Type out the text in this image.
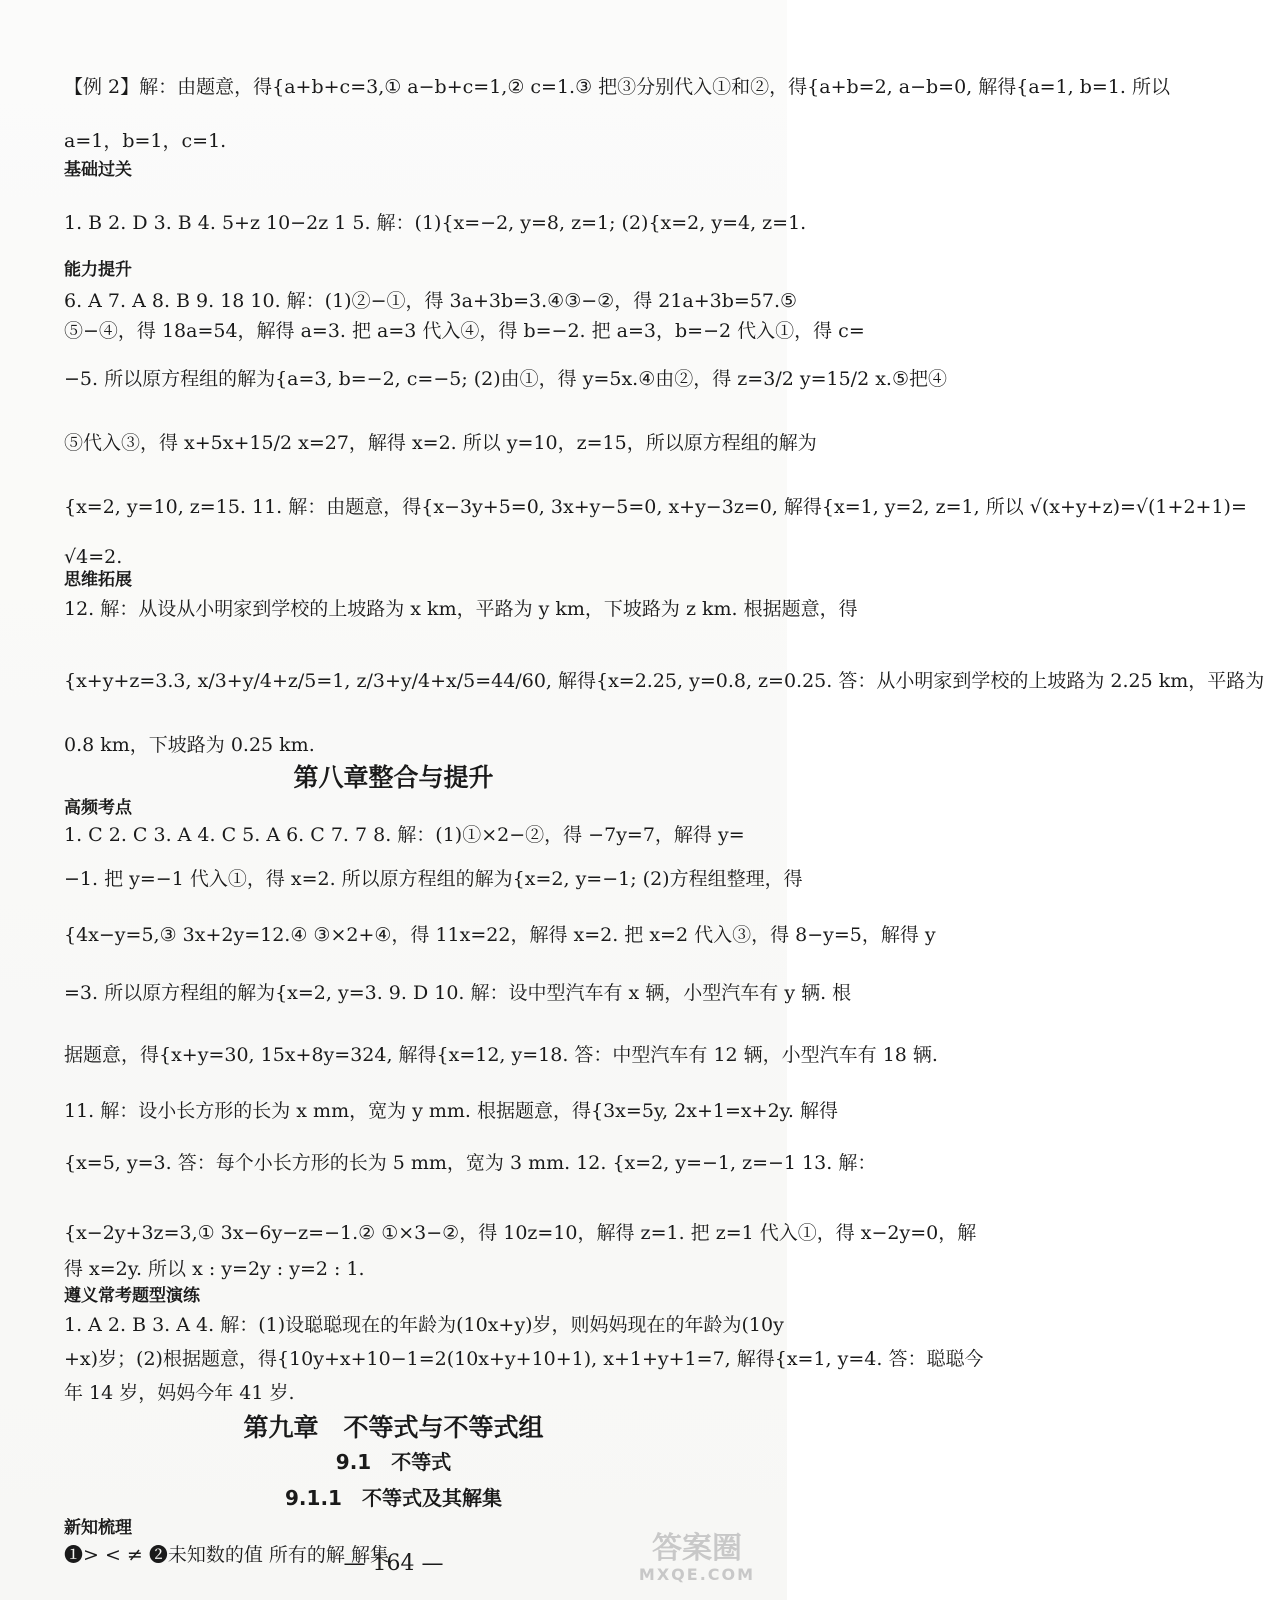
【例 2】解：由题意，得{a+b+c=3,① a−b+c=1,② c=1.③ 把③分别代入①和②，得{a+b=2, a−b=0, 解得{a=1, b=1. 所以
a=1，b=1，c=1.
基础过关
1. B 2. D 3. B 4. 5+z 10−2z 1 5. 解：(1){x=−2, y=8, z=1; (2){x=2, y=4, z=1.
能力提升
6. A 7. A 8. B 9. 18 10. 解：(1)②−①，得 3a+3b=3.④③−②，得 21a+3b=57.⑤
⑤−④，得 18a=54，解得 a=3. 把 a=3 代入④，得 b=−2. 把 a=3，b=−2 代入①，得 c=
−5. 所以原方程组的解为{a=3, b=−2, c=−5; (2)由①，得 y=5x.④由②，得 z=3/2 y=15/2 x.⑤把④
⑤代入③，得 x+5x+15/2 x=27，解得 x=2. 所以 y=10，z=15，所以原方程组的解为
{x=2, y=10, z=15. 11. 解：由题意，得{x−3y+5=0, 3x+y−5=0, x+y−3z=0, 解得{x=1, y=2, z=1, 所以 √(x+y+z)=√(1+2+1)=
√4=2.
思维拓展
12. 解：从设从小明家到学校的上坡路为 x km，平路为 y km，下坡路为 z km. 根据题意，得
{x+y+z=3.3, x/3+y/4+z/5=1, z/3+y/4+x/5=44/60, 解得{x=2.25, y=0.8, z=0.25. 答：从小明家到学校的上坡路为 2.25 km，平路为
0.8 km，下坡路为 0.25 km.
第八章整合与提升
高频考点
1. C 2. C 3. A 4. C 5. A 6. C 7. 7 8. 解：(1)①×2−②，得 −7y=7，解得 y=
−1. 把 y=−1 代入①，得 x=2. 所以原方程组的解为{x=2, y=−1; (2)方程组整理，得
{4x−y=5,③ 3x+2y=12.④ ③×2+④，得 11x=22，解得 x=2. 把 x=2 代入③，得 8−y=5，解得 y
=3. 所以原方程组的解为{x=2, y=3. 9. D 10. 解：设中型汽车有 x 辆，小型汽车有 y 辆. 根
据题意，得{x+y=30, 15x+8y=324, 解得{x=12, y=18. 答：中型汽车有 12 辆，小型汽车有 18 辆.
11. 解：设小长方形的长为 x mm，宽为 y mm. 根据题意，得{3x=5y, 2x+1=x+2y. 解得
{x=5, y=3. 答：每个小长方形的长为 5 mm，宽为 3 mm. 12. {x=2, y=−1, z=−1 13. 解：
{x−2y+3z=3,① 3x−6y−z=−1.② ①×3−②，得 10z=10，解得 z=1. 把 z=1 代入①，得 x−2y=0，解
得 x=2y. 所以 x : y=2y : y=2 : 1.
遵义常考题型演练
1. A 2. B 3. A 4. 解：(1)设聪聪现在的年龄为(10x+y)岁，则妈妈现在的年龄为(10y
+x)岁；(2)根据题意，得{10y+x+10−1=2(10x+y+10+1), x+1+y+1=7, 解得{x=1, y=4. 答：聪聪今
年 14 岁，妈妈今年 41 岁.
第九章　不等式与不等式组
9.1　不等式
9.1.1　不等式及其解集
新知梳理
❶> < ≠ ❷未知数的值 所有的解 解集
— 164 —	答案圈
MXQE.COM
